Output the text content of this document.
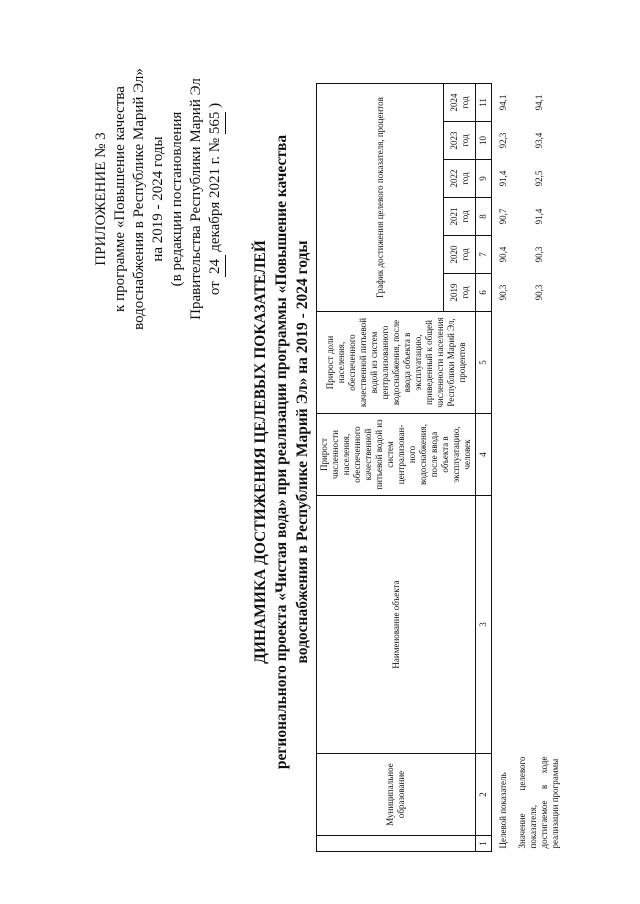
ПРИЛОЖЕНИЕ № 3 к программе «Повышение качества водоснабжения в Республике Марий Эл» на 2019 - 2024 годы (в редакции постановления Правительства Республики Марий Эл от 24 декабря 2021 г. № 565 )
ДИНАМИКА ДОСТИЖЕНИЯ ЦЕЛЕВЫХ ПОКАЗАТЕЛЕЙ регионального проекта «Чистая вода» при реализации программы «Повышение качества водоснабжения в Республике Марий Эл» на 2019 - 2024 годы
	Муниципальное образование	Наименование объекта	Прирост численности населения, обеспеченного качественной питьевой водой из систем централизован-ного водоснабжения, после ввода объекта в эксплуатацию, человек	Прирост доли населения, обеспеченного качественной питьевой водой из систем централизованного водоснабжения, после ввода объекта в эксплуатацию, приведенный к общей численности населения Республики Марий Эл, процентов	График достижения целевого показателя, процентов					
					2019 год	2020 год	2021 год	2022 год	2023 год	2024 год
1	2	3	4	5	6	7	8	9	10	11
Целевой показатель					90,3	90,4	90,7	91,4	92,3	94,1
Значение целевого показателя, достигаемое в ходе реализации программы					90,3	90,3	91,4	92,5	93,4	94,1
